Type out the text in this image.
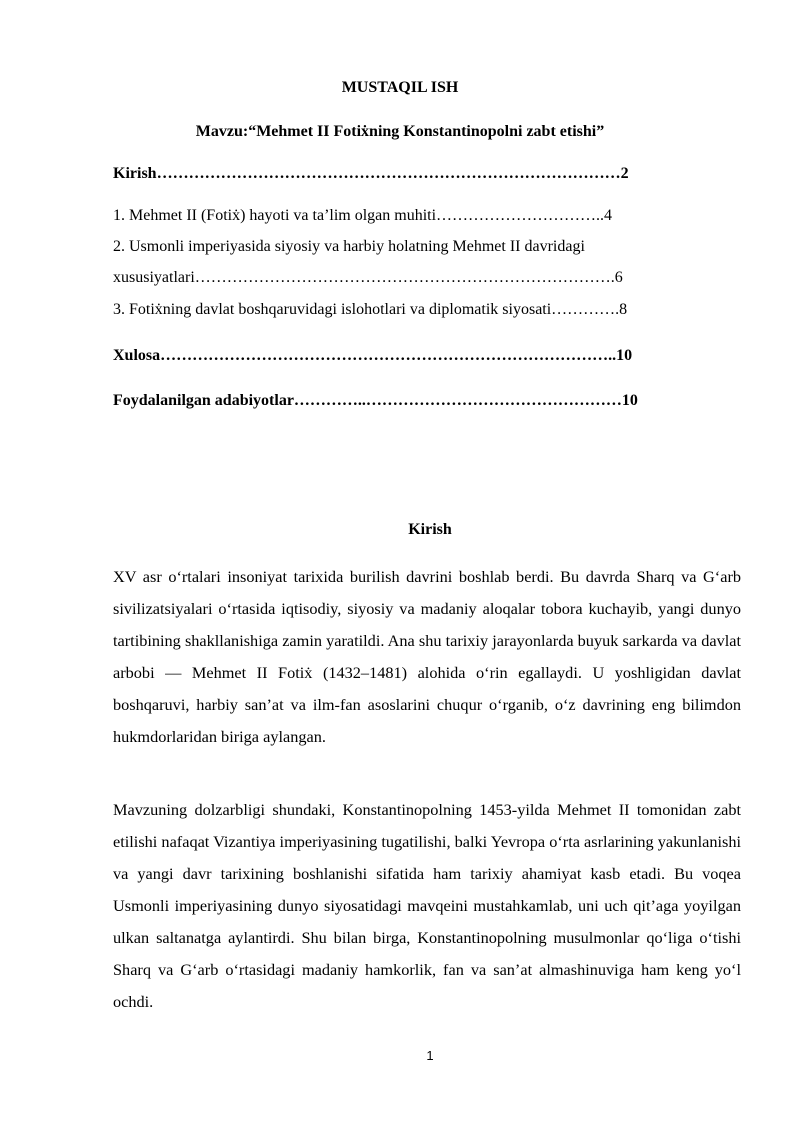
MUSTAQIL ISH
Mavzu:“Mehmet II Fotiẋning Konstantinopolni zabt etishi”
Kirish……………………………………………………………………………2
1. Mehmet II (Fotiẋ) hayoti va ta’lim olgan muhiti…………………………..4
2. Usmonli imperiyasida siyosiy va harbiy holatning Mehmet II davridagi
xususiyatlari…………………………………………………………………….6
3. Fotiẋning davlat boshqaruvidagi islohotlari va diplomatik siyosati………….8
Xulosa…………………………………………………………………………..10
Foydalanilgan adabiyotlar…………..…………………………………………10
Kirish

XV asr o‘rtalari insoniyat tarixida burilish davrini boshlab berdi. Bu davrda Sharq va G‘arb sivilizatsiyalari o‘rtasida iqtisodiy, siyosiy va madaniy aloqalar tobora kuchayib, yangi dunyo tartibining shakllanishiga zamin yaratildi. Ana shu tarixiy jarayonlarda buyuk sarkarda va davlat arbobi — Mehmet II Fotiẋ (1432–1481) alohida o‘rin egallaydi. U yoshligidan davlat boshqaruvi, harbiy san’at va ilm-fan asoslarini chuqur o‘rganib, o‘z davrining eng bilimdon hukmdorlaridan biriga aylangan.

Mavzuning dolzarbligi shundaki, Konstantinopolning 1453-yilda Mehmet II tomonidan zabt etilishi nafaqat Vizantiya imperiyasining tugatilishi, balki Yevropa o‘rta asrlarining yakunlanishi va yangi davr tarixining boshlanishi sifatida ham tarixiy ahamiyat kasb etadi. Bu voqea Usmonli imperiyasining dunyo siyosatidagi mavqeini mustahkamlab, uni uch qit’aga yoyilgan ulkan saltanatga aylantirdi. Shu bilan birga, Konstantinopolning musulmonlar qo‘liga o‘tishi Sharq va G‘arb o‘rtasidagi madaniy hamkorlik, fan va san’at almashinuviga ham keng yo‘l ochdi.

1
